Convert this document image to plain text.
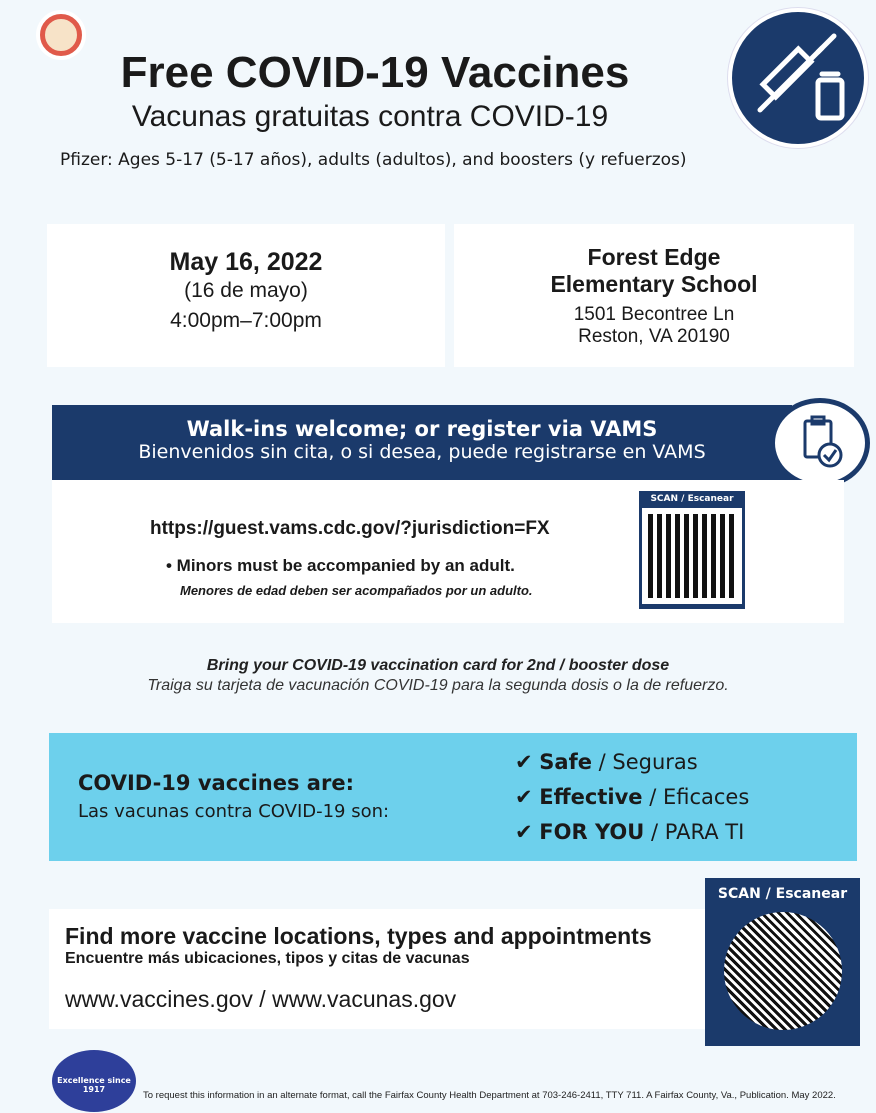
Free COVID-19 Vaccines
Vacunas gratuitas contra COVID-19
Pfizer: Ages 5-17 (5-17 años), adults (adultos), and boosters (y refuerzos)
May 16, 2022
(16 de mayo)
4:00pm–7:00pm
Forest Edge
Elementary School
1501 Becontree Ln
Reston, VA 20190
Walk-ins welcome; or register via VAMS
Bienvenidos sin cita, o si desea, puede registrarse en VAMS
https://guest.vams.cdc.gov/?jurisdiction=FX
• Minors must be accompanied by an adult.
Menores de edad deben ser acompañados por un adulto.
SCAN / Escanear
Bring your COVID-19 vaccination card for 2nd / booster dose
Traiga su tarjeta de vacunación COVID-19 para la segunda dosis o la de refuerzo.
COVID-19 vaccines are:
Las vacunas contra COVID-19 son:
✔ Safe / Seguras
✔ Effective / Eficaces
✔ FOR YOU / PARA TI
Find more vaccine locations, types and appointments
Encuentre más ubicaciones, tipos y citas de vacunas
www.vaccines.gov / www.vacunas.gov
SCAN / Escanear
Excellence since 1917
To request this information in an alternate format, call the Fairfax County Health Department at 703-246-2411, TTY 711. A Fairfax County, Va., Publication. May 2022.
